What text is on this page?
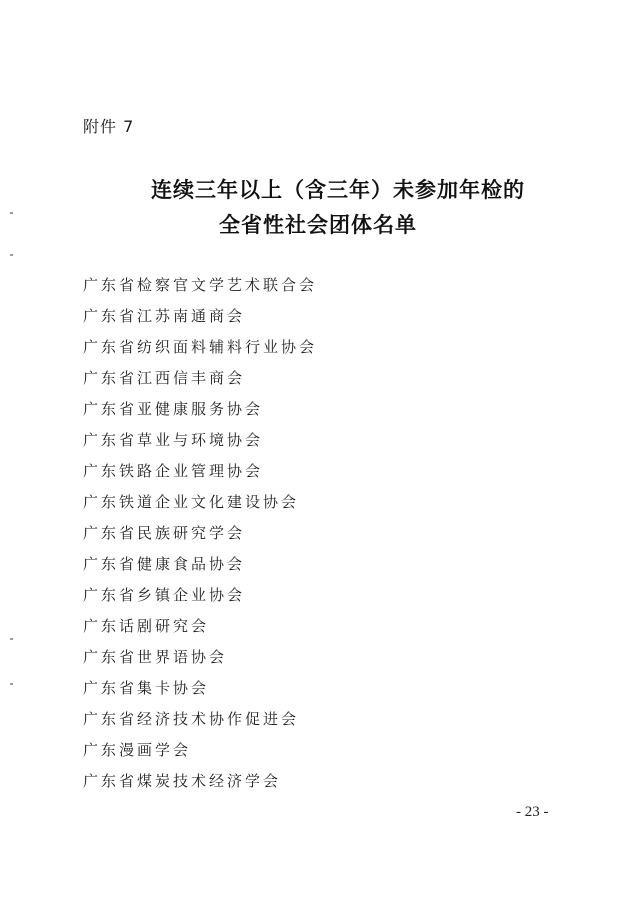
附件 7
连续三年以上（含三年）未参加年检的
全省性社会团体名单
广东省检察官文学艺术联合会
广东省江苏南通商会
广东省纺织面料辅料行业协会
广东省江西信丰商会
广东省亚健康服务协会
广东省草业与环境协会
广东铁路企业管理协会
广东铁道企业文化建设协会
广东省民族研究学会
广东省健康食品协会
广东省乡镇企业协会
广东话剧研究会
广东省世界语协会
广东省集卡协会
广东省经济技术协作促进会
广东漫画学会
广东省煤炭技术经济学会
- 23 -
